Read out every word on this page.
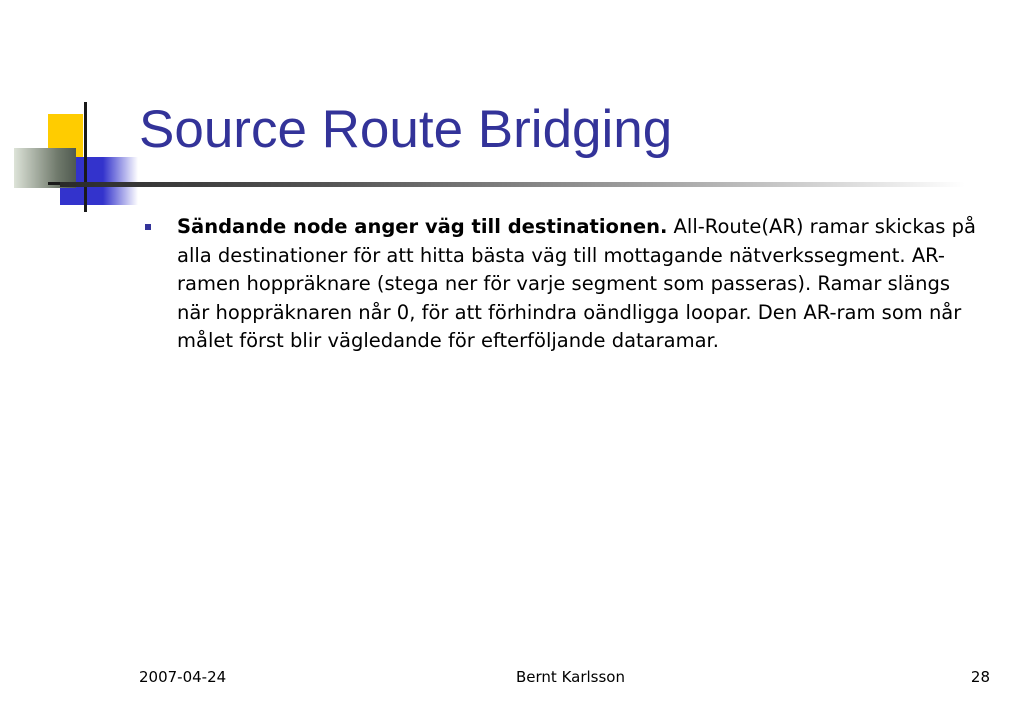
Source Route Bridging
Sändande node anger väg till destinationen. All-Route(AR) ramar skickas på alla destinationer för att hitta bästa väg till mottagande nätverkssegment. AR-ramen hoppräknare (stega ner för varje segment som passeras). Ramar slängs när hoppräknaren når 0, för att förhindra oändligga loopar. Den AR-ram som når målet först blir vägledande för efterföljande dataramar.
2007-04-24	Bernt Karlsson	28
